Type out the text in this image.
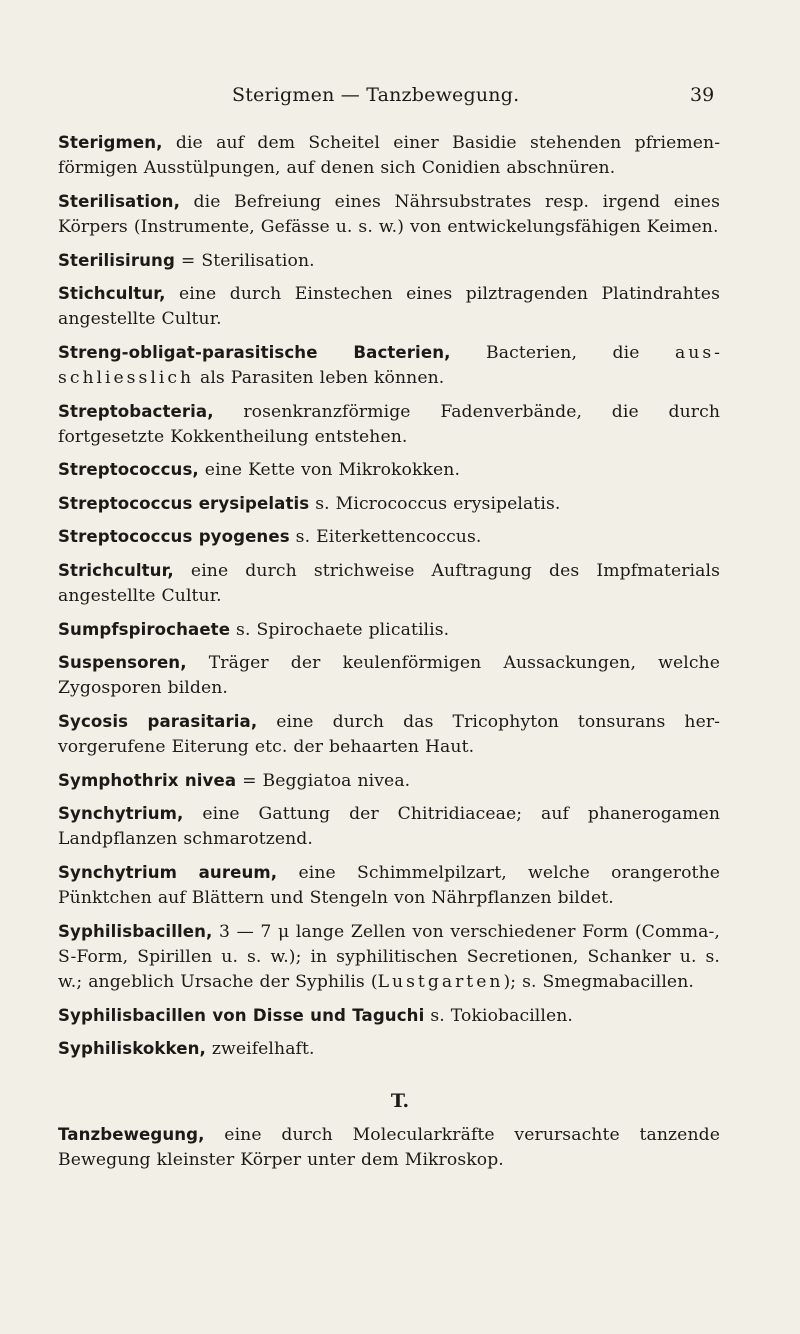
Sterigmen — Tanzbewegung.	39

Sterigmen, die auf dem Scheitel einer Basidie stehenden pfriemenförmigen Ausstülpungen, auf denen sich Conidien abschnüren.

Sterilisation, die Befreiung eines Nährsubstrates resp. irgend eines Körpers (Instrumente, Gefässe u. s. w.) von entwickelungsfähigen Keimen.

Sterilisirung = Sterilisation.

Stichcultur, eine durch Einstechen eines pilztragenden Platindrahtes angestellte Cultur.

Streng-obligat-parasitische Bacterien, Bacterien, die ausschliesslich als Parasiten leben können.

Streptobacteria, rosenkranzförmige Fadenverbände, die durch fortgesetzte Kokkentheilung entstehen.

Streptococcus, eine Kette von Mikrokokken.

Streptococcus erysipelatis s. Micrococcus erysipelatis.

Streptococcus pyogenes s. Eiterkettencoccus.

Strichcultur, eine durch strichweise Auftragung des Impfmaterials angestellte Cultur.

Sumpfspirochaete s. Spirochaete plicatilis.

Suspensoren, Träger der keulenförmigen Aussackungen, welche Zygosporen bilden.

Sycosis parasitaria, eine durch das Tricophyton tonsurans hervorgerufene Eiterung etc. der behaarten Haut.

Symphothrix nivea = Beggiatoa nivea.

Synchytrium, eine Gattung der Chitridiaceae; auf phanerogamen Landpflanzen schmarotzend.

Synchytrium aureum, eine Schimmelpilzart, welche orangerothe Pünktchen auf Blättern und Stengeln von Nährpflanzen bildet.

Syphilisbacillen, 3 — 7 μ lange Zellen von verschiedener Form (Comma-, S-Form, Spirillen u. s. w.); in syphilitischen Secretionen, Schanker u. s. w.; angeblich Ursache der Syphilis (Lustgarten); s. Smegmabacillen.

Syphilisbacillen von Disse und Taguchi s. Tokiobacillen.

Syphiliskokken, zweifelhaft.

T.

Tanzbewegung, eine durch Molecularkräfte verursachte tanzende Bewegung kleinster Körper unter dem Mikroskop.
